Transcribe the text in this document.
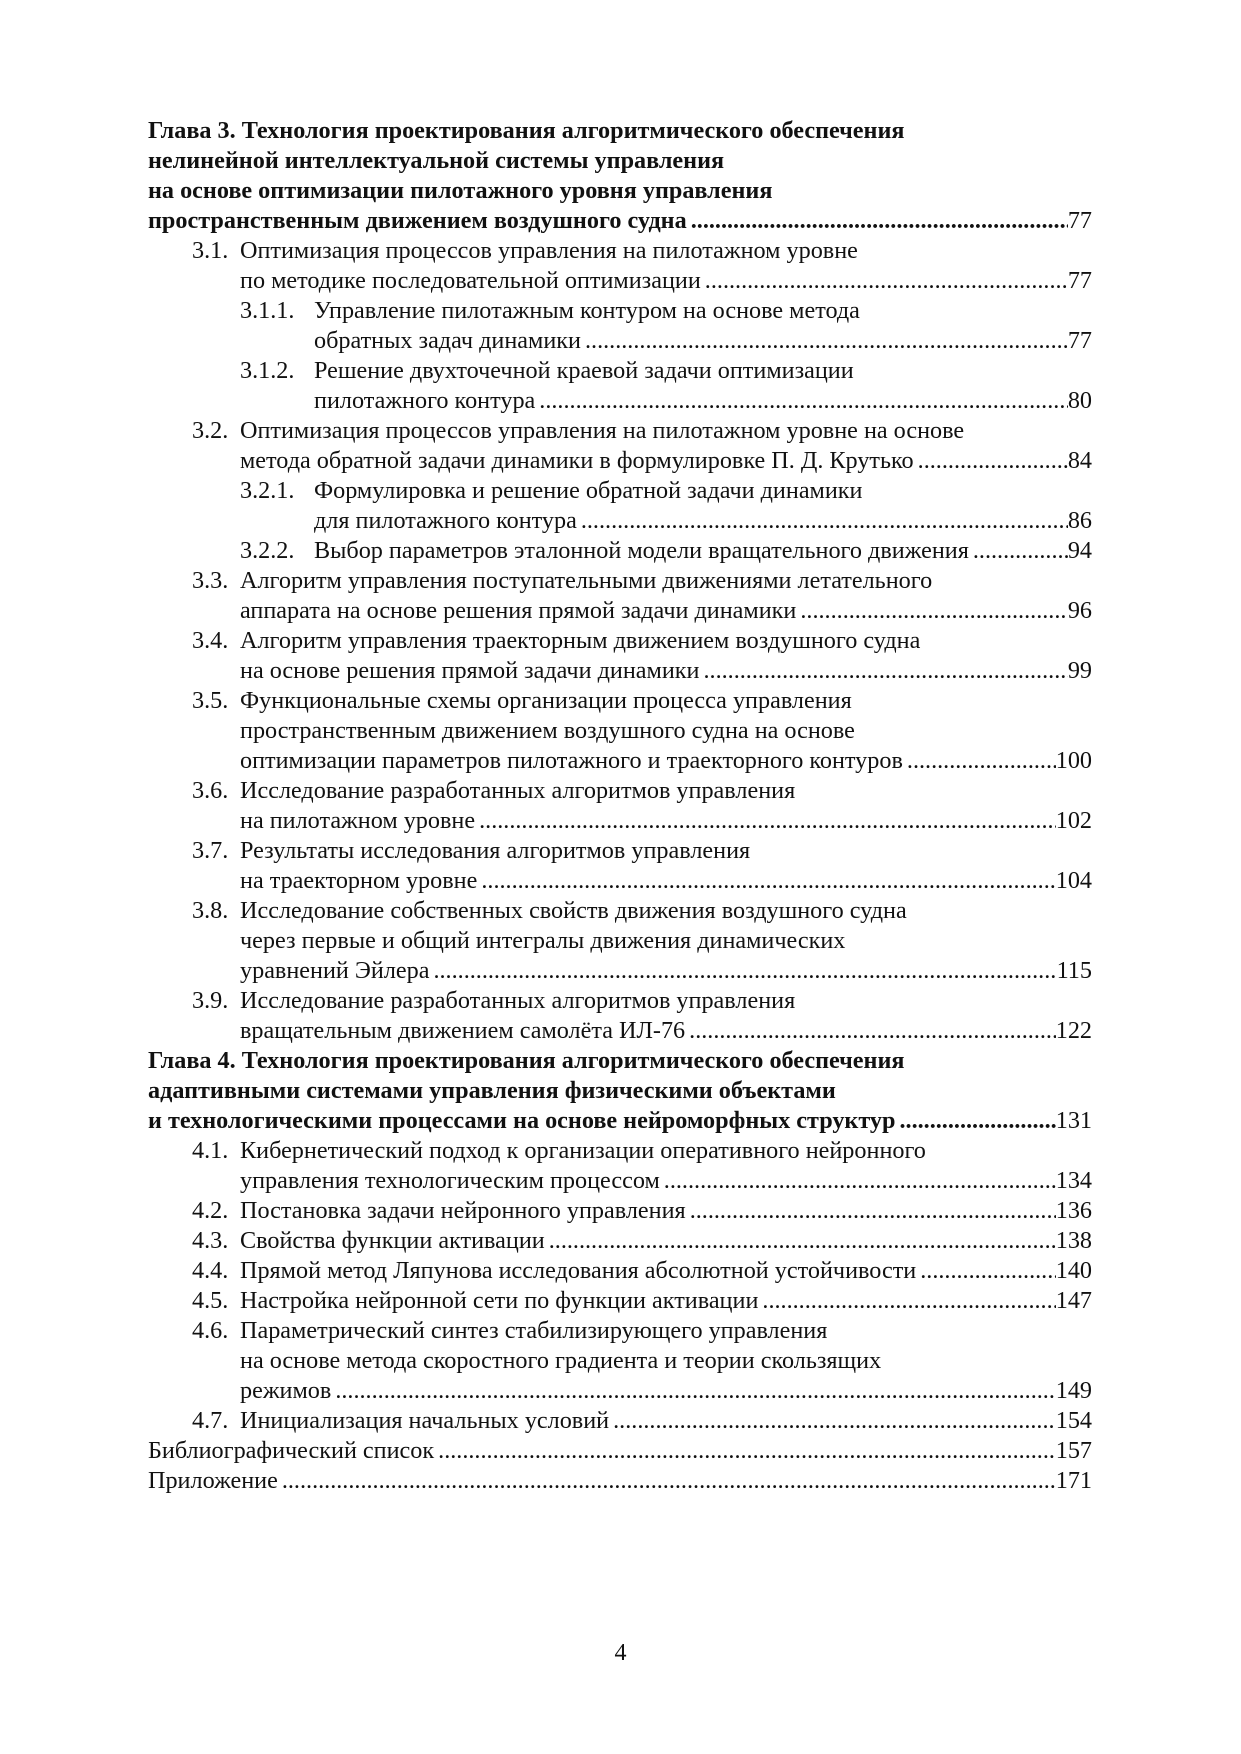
Глава 3. Технология проектирования алгоритмического обеспечения
нелинейной интеллектуальной системы управления
на основе оптимизации пилотажного уровня управления
пространственным движением воздушного судна .....	77
3.1. Оптимизация процессов управления на пилотажном уровне
по методике последовательной оптимизации .....	77
3.1.1. Управление пилотажным контуром на основе метода
обратных задач динамики .....	77
3.1.2. Решение двухточечной краевой задачи оптимизации
пилотажного контура .....	80
3.2. Оптимизация процессов управления на пилотажном уровне на основе
метода обратной задачи динамики в формулировке П. Д. Крутько .....	84
3.2.1. Формулировка и решение обратной задачи динамики
для пилотажного контура .....	86
3.2.2. Выбор параметров эталонной модели вращательного движения .....	94
3.3. Алгоритм управления поступательными движениями летательного
аппарата на основе решения прямой задачи динамики .....	96
3.4. Алгоритм управления траекторным движением воздушного судна
на основе решения прямой задачи динамики .....	99
3.5. Функциональные схемы организации процесса управления
пространственным движением воздушного судна на основе
оптимизации параметров пилотажного и траекторного контуров .....	100
3.6. Исследование разработанных алгоритмов управления
на пилотажном уровне .....	102
3.7. Результаты исследования алгоритмов управления
на траекторном уровне .....	104
3.8. Исследование собственных свойств движения воздушного судна
через первые и общий интегралы движения динамических
уравнений Эйлера .....	115
3.9. Исследование разработанных алгоритмов управления
вращательным движением самолёта ИЛ-76 .....	122
Глава 4. Технология проектирования алгоритмического обеспечения
адаптивными системами управления физическими объектами
и технологическими процессами на основе нейроморфных структур .....	131
4.1. Кибернетический подход к организации оперативного нейронного
управления технологическим процессом .....	134
4.2. Постановка задачи нейронного управления .....	136
4.3. Свойства функции активации .....	138
4.4. Прямой метод Ляпунова исследования абсолютной устойчивости .....	140
4.5. Настройка нейронной сети по функции активации .....	147
4.6. Параметрический синтез стабилизирующего управления
на основе метода скоростного градиента и теории скользящих
режимов .....	149
4.7. Инициализация начальных условий .....	154
Библиографический список .....	157
Приложение .....	171
4
